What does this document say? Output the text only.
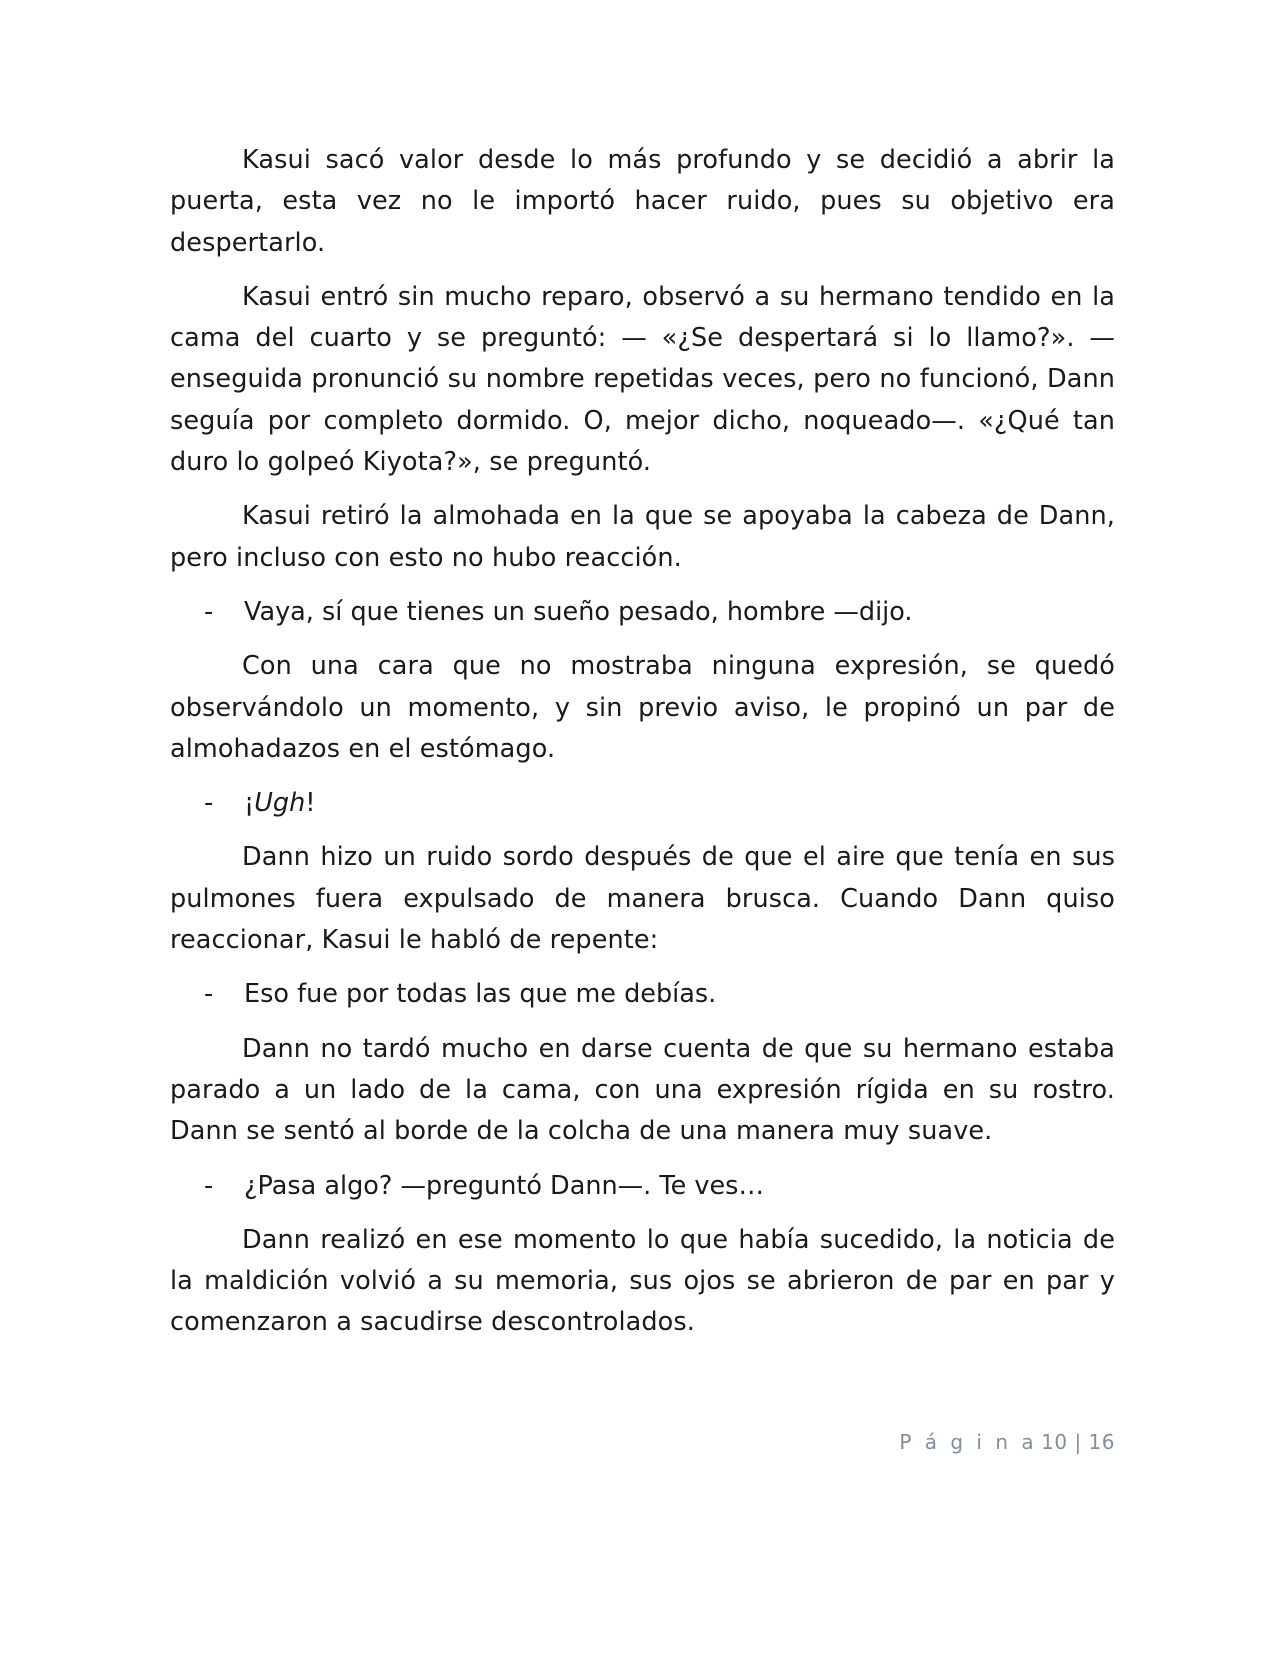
Kasui sacó valor desde lo más profundo y se decidió a abrir la puerta, esta vez no le importó hacer ruido, pues su objetivo era despertarlo.

Kasui entró sin mucho reparo, observó a su hermano tendido en la cama del cuarto y se preguntó: — «¿Se despertará si lo llamo?». —enseguida pronunció su nombre repetidas veces, pero no funcionó, Dann seguía por completo dormido. O, mejor dicho, noqueado—. «¿Qué tan duro lo golpeó Kiyota?», se preguntó.

Kasui retiró la almohada en la que se apoyaba la cabeza de Dann, pero incluso con esto no hubo reacción.

-	Vaya, sí que tienes un sueño pesado, hombre —dijo.

Con una cara que no mostraba ninguna expresión, se quedó observándolo un momento, y sin previo aviso, le propinó un par de almohadazos en el estómago.

-	¡Ugh!

Dann hizo un ruido sordo después de que el aire que tenía en sus pulmones fuera expulsado de manera brusca. Cuando Dann quiso reaccionar, Kasui le habló de repente:

-	Eso fue por todas las que me debías.

Dann no tardó mucho en darse cuenta de que su hermano estaba parado a un lado de la cama, con una expresión rígida en su rostro. Dann se sentó al borde de la colcha de una manera muy suave.

-	¿Pasa algo? —preguntó Dann—. Te ves…

Dann realizó en ese momento lo que había sucedido, la noticia de la maldición volvió a su memoria, sus ojos se abrieron de par en par y comenzaron a sacudirse descontrolados.

P á g i n a 10 | 16
